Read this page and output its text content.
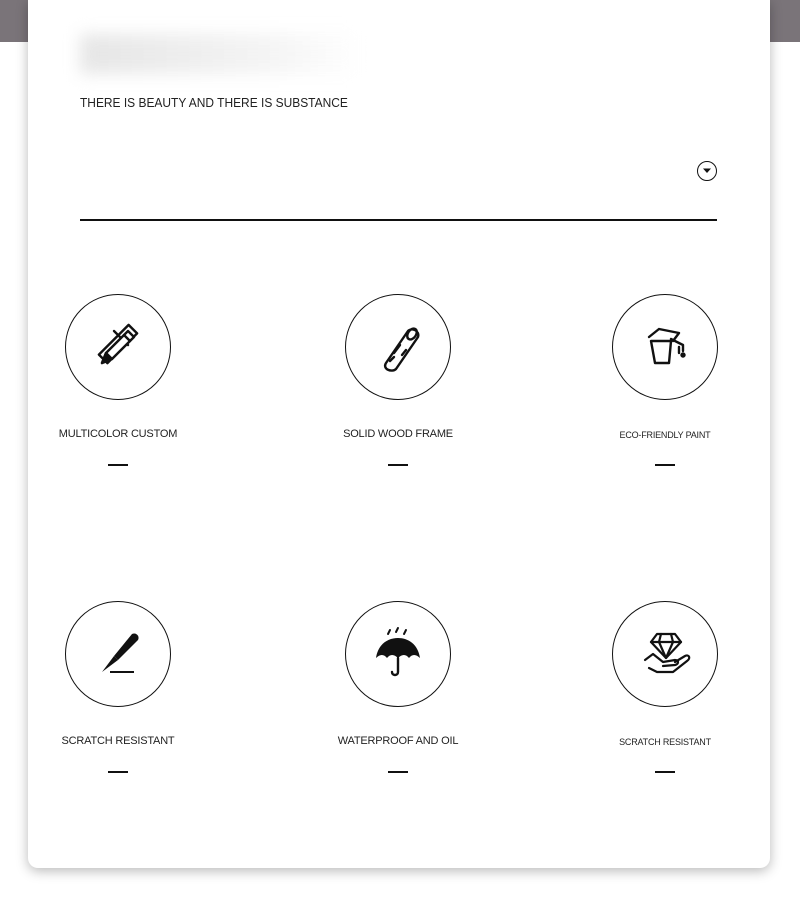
THERE IS BEAUTY AND THERE IS SUBSTANCE
MULTICOLOR CUSTOM	SOLID WOOD FRAME	ECO-FRIENDLY PAINT
SCRATCH RESISTANT	WATERPROOF AND OIL	SCRATCH RESISTANT
